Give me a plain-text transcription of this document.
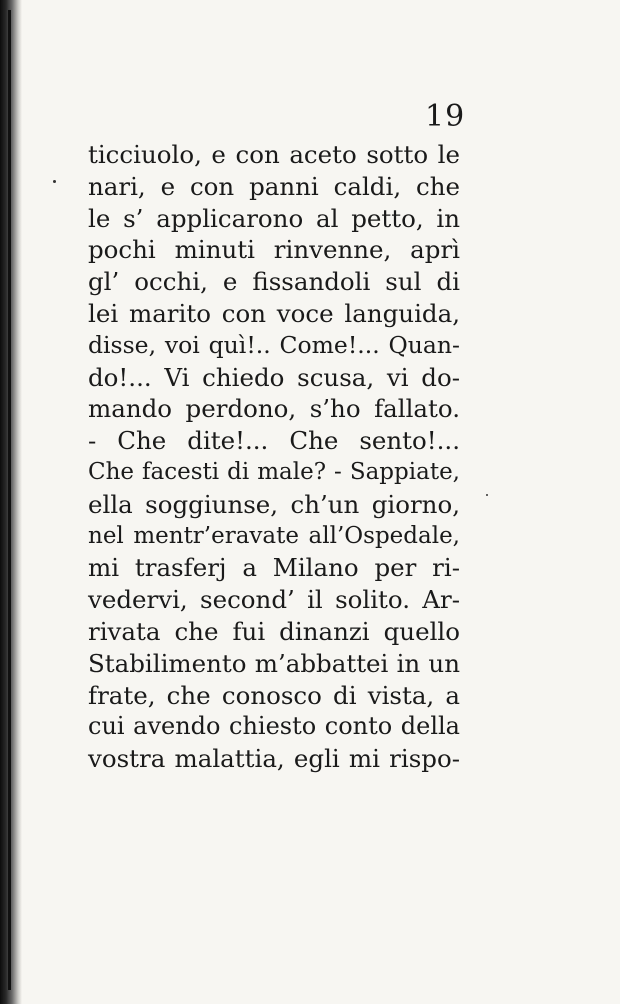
19
ticciuolo, e con aceto sotto le
nari, e con panni caldi, che
le s’ applicarono al petto, in
pochi minuti rinvenne, aprì
gl’ occhi, e fissandoli sul di
lei marito con voce languida,
disse, voi quì!.. Come!... Quan-
do!... Vi chiedo scusa, vi do-
mando perdono, s’ho fallato.
- Che dite!... Che sento!...
Che facesti di male? - Sappiate,
ella soggiunse, ch’un giorno,
nel mentr’eravate all’Ospedale,
mi trasferj a Milano per ri-
vedervi, second’ il solito. Ar-
rivata che fui dinanzi quello
Stabilimento m’abbattei in un
frate, che conosco di vista, a
cui avendo chiesto conto della
vostra malattia, egli mi rispo-
